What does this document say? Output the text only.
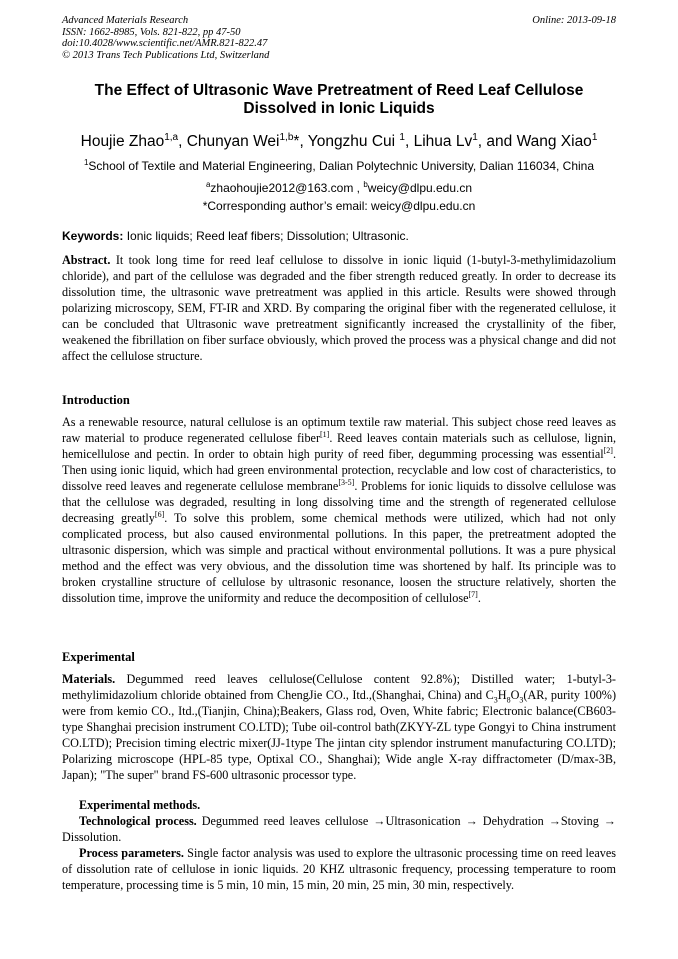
Advanced Materials Research
ISSN: 1662-8985, Vols. 821-822, pp 47-50
doi:10.4028/www.scientific.net/AMR.821-822.47
© 2013 Trans Tech Publications Ltd, Switzerland
Online: 2013-09-18
The Effect of Ultrasonic Wave Pretreatment of Reed Leaf Cellulose Dissolved in Ionic Liquids
Houjie Zhao$^{1,a}$, Chunyan Wei$^{1,b}$*, Yongzhu Cui $^1$, Lihua Lv$^1$, and Wang Xiao$^1$
$^1$School of Textile and Material Engineering, Dalian Polytechnic University, Dalian 116034, China
$^a$zhaohoujie2012@163.com , $^b$weicy@dlpu.edu.cn
*Corresponding author’s email: weicy@dlpu.edu.cn
Keywords: Ionic liquids; Reed leaf fibers; Dissolution; Ultrasonic.
Abstract. It took long time for reed leaf cellulose to dissolve in ionic liquid (1-butyl-3-methylimidazolium chloride), and part of the cellulose was degraded and the fiber strength reduced greatly. In order to decrease its dissolution time, the ultrasonic wave pretreatment was applied in this article. Results were showed through polarizing microscopy, SEM, FT-IR and XRD. By comparing the original fiber with the regenerated cellulose, it can be concluded that Ultrasonic wave pretreatment significantly increased the crystallinity of the fiber, weakened the fibrillation on fiber surface obviously, which proved the process was a physical change and did not affect the cellulose structure.
Introduction
As a renewable resource, natural cellulose is an optimum textile raw material. This subject chose reed leaves as raw material to produce regenerated cellulose fiber[1]. Reed leaves contain materials such as cellulose, lignin, hemicellulose and pectin. In order to obtain high purity of reed fiber, degumming processing was essential[2]. Then using ionic liquid, which had green environmental protection, recyclable and low cost of characteristics, to dissolve reed leaves and regenerate cellulose membrane[3-5]. Problems for ionic liquids to dissolve cellulose was that the cellulose was degraded, resulting in long dissolving time and the strength of regenerated cellulose decreasing greatly[6]. To solve this problem, some chemical methods were utilized, which had not only complicated process, but also caused environmental pollutions. In this paper, the pretreatment adopted the ultrasonic dispersion, which was simple and practical without environmental pollutions. It was a pure physical method and the effect was very obvious, and the dissolution time was shortened by half. Its principle was to broken crystalline structure of cellulose by ultrasonic resonance, loosen the structure relatively, shorten the dissolution time, improve the uniformity and reduce the decomposition of cellulose[7].
Experimental
Materials. Degummed reed leaves cellulose(Cellulose content 92.8%); Distilled water; 1-butyl-3-methylimidazolium chloride obtained from ChengJie CO., Itd.,(Shanghai, China) and $C_3H_8O_3(AR$, purity 100%) were from kemio CO., Itd.,(Tianjin, China);Beakers, Glass rod, Oven, White fabric; Electronic balance(CB603-type Shanghai precision instrument CO.LTD); Tube oil-control bath(ZKYY-ZL type Gongyi to China instrument CO.LTD); Precision timing electric mixer(JJ-1type The jintan city splendor instrument manufacturing CO.LTD); Polarizing microscope (HPL-85 type, Optixal CO., Shanghai); Wide angle X-ray diffractometer (D/max-3B, Japan); "The super" brand FS-600 ultrasonic processor type.
Experimental methods.
Technological process. Degummed reed leaves cellulose →Ultrasonication → Dehydration →Stoving → Dissolution.
Process parameters. Single factor analysis was used to explore the ultrasonic processing time on reed leaves of dissolution rate of cellulose in ionic liquids. 20 KHZ ultrasonic frequency, processing temperature to room temperature, processing time is 5 min, 10 min, 15 min, 20 min, 25 min, 30 min, respectively.
